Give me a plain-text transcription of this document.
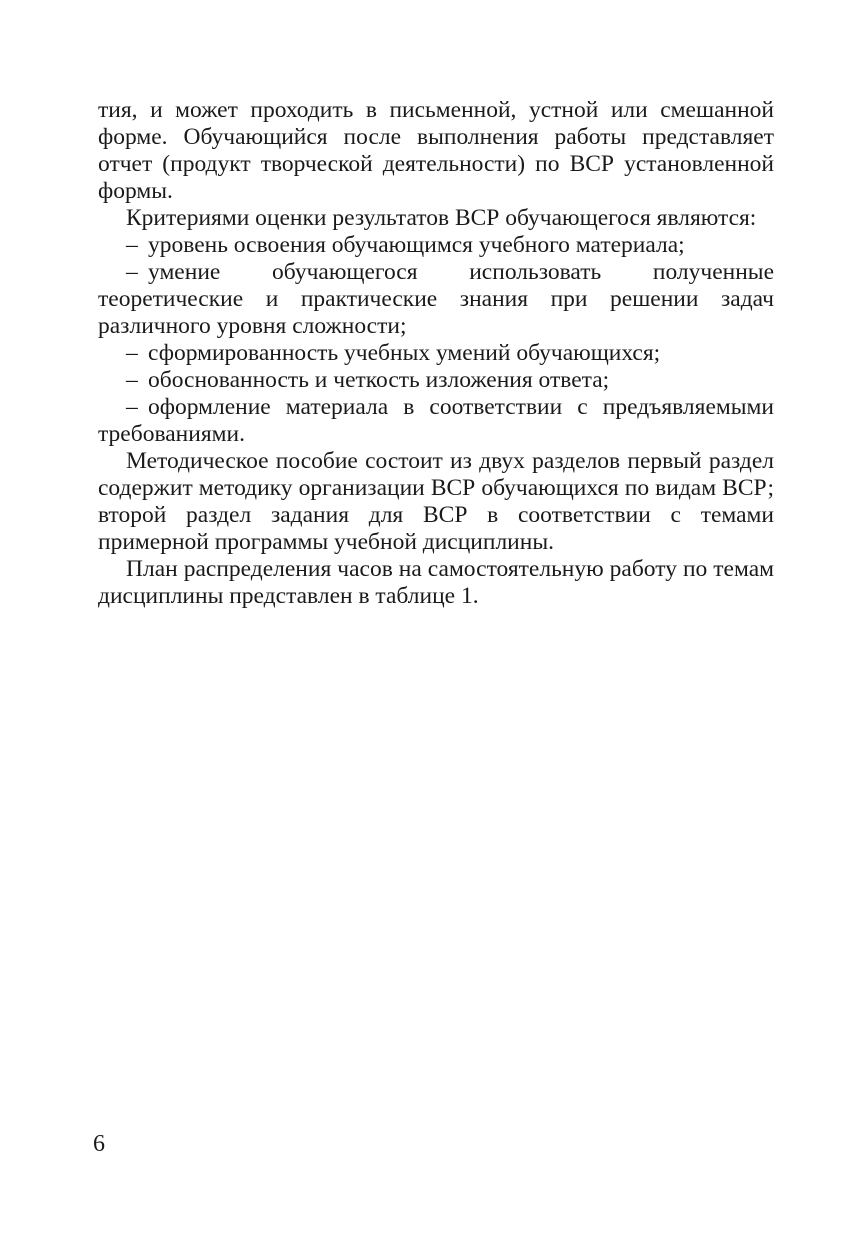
тия, и может проходить в письменной, устной или смешанной форме. Обучающийся после выполнения работы представляет отчет (продукт творческой деятельности) по ВСР установленной формы.

Критериями оценки результатов ВСР обучающегося являются:

– уровень освоения обучающимся учебного материала;

– умение обучающегося использовать полученные теоретические и практические знания при решении задач различного уровня сложности;

– сформированность учебных умений обучающихся;

– обоснованность и четкость изложения ответа;

– оформление материала в соответствии с предъявляемыми требованиями.

Методическое пособие состоит из двух разделов первый раздел содержит методику организации ВСР обучающихся по видам ВСР; второй раздел задания для ВСР в соответствии с темами примерной программы учебной дисциплины.

План распределения часов на самостоятельную работу по темам дисциплины представлен в таблице 1.

6
